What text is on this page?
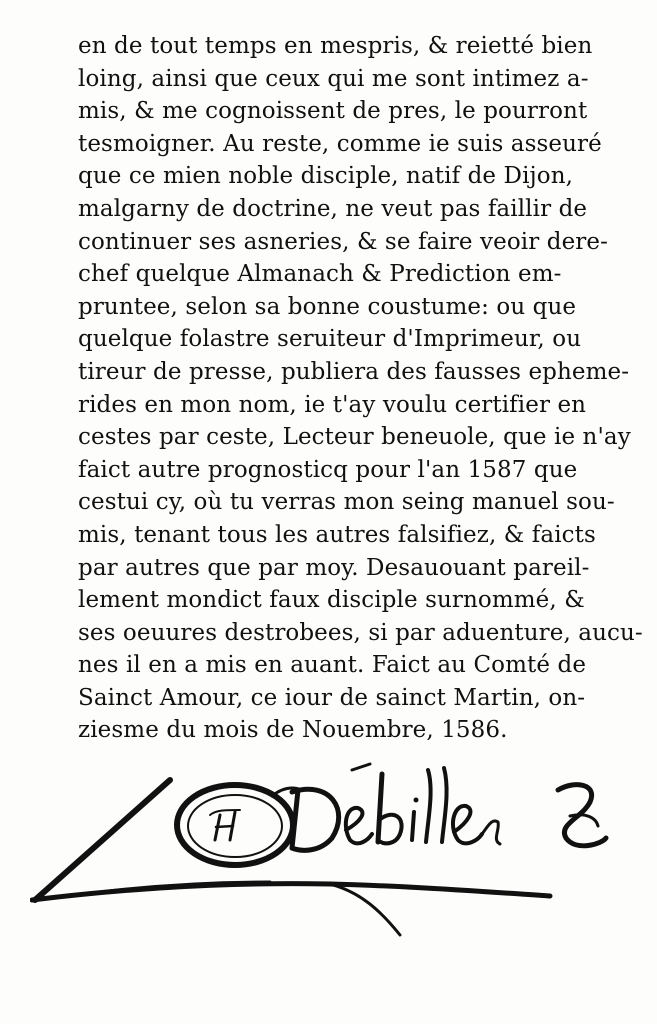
en de tout temps en mespris, & reietté bien
loing, ainsi que ceux qui me sont intimez a-
mis, & me cognoissent de pres, le pourront
tesmoigner. Au reste, comme ie suis asseuré
que ce mien noble disciple, natif de Dijon,
malgarny de doctrine, ne veut pas faillir de
continuer ses asneries, & se faire veoir dere-
chef quelque Almanach & Prediction em-
pruntee, selon sa bonne coustume: ou que
quelque folastre seruiteur d'Imprimeur, ou
tireur de presse, publiera des fausses epheme-
rides en mon nom, ie t'ay voulu certifier en
cestes par ceste, Lecteur beneuole, que ie n'ay
faict autre prognosticq pour l'an 1587 que
cestui cy, où tu verras mon seing manuel sou-
mis, tenant tous les autres falsifiez, & faicts
par autres que par moy. Desauouant pareil-
lement mondict faux disciple surnommé, &
ses oeuures destrobees, si par aduenture, aucu-
nes il en a mis en auant. Faict au Comté de
Sainct Amour, ce iour de sainct Martin, on-
ziesme du mois de Nouembre, 1586.
